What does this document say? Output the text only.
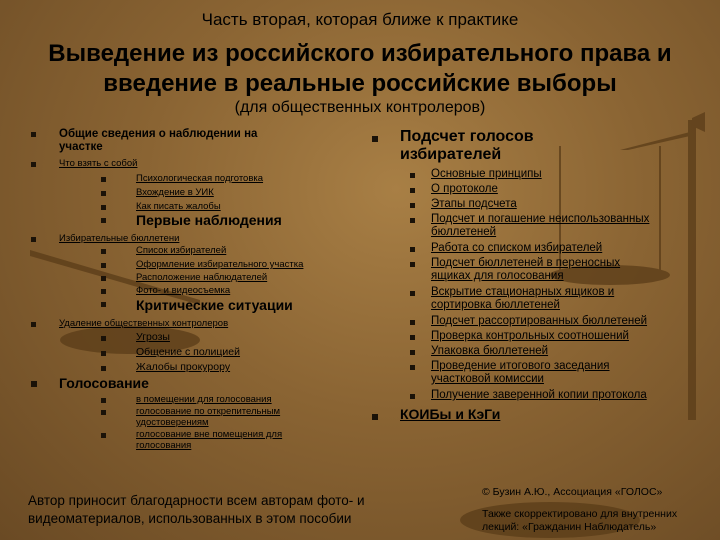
Часть вторая, которая ближе к практике
Выведение из российского избирательного права и
введение в реальные российские выборы
(для общественных контролеров)
Общие сведения о наблюдении на
участке
Что взять с собой
Психологическая подготовка
Вхождение в УИК
Как писать жалобы
Первые наблюдения
Избирательные бюллетени
Список избирателей
Оформление избирательного участка
Расположение наблюдателей
Фото- и видеосъемка
Критические ситуации
Удаление общественных контролеров
Угрозы
Общение с полицией
Жалобы прокурору
Голосование
в помещении для голосования
голосование по открепительным
удостоверениям
голосование вне помещения для
голосования
Подсчет голосов
избирателей
Основные принципы
О протоколе
Этапы подсчета
Подсчет и погашение неиспользованных
бюллетеней
Работа со списком избирателей
Подсчет бюллетеней в переносных
ящиках для голосования
Вскрытие стационарных ящиков и
сортировка бюллетеней
Подсчет рассортированных бюллетеней
Проверка контрольных соотношений
Упаковка бюллетеней
Проведение итогового заседания
участковой комиссии
Получение заверенной копии протокола
КОИБы и КэГи
Автор приносит благодарности всем авторам фото- и
видеоматериалов, использованных в этом пособии
© Бузин А.Ю., Ассоциация «ГОЛОС»
Также скорректировано для внутренних
лекций: «Гражданин Наблюдатель»
